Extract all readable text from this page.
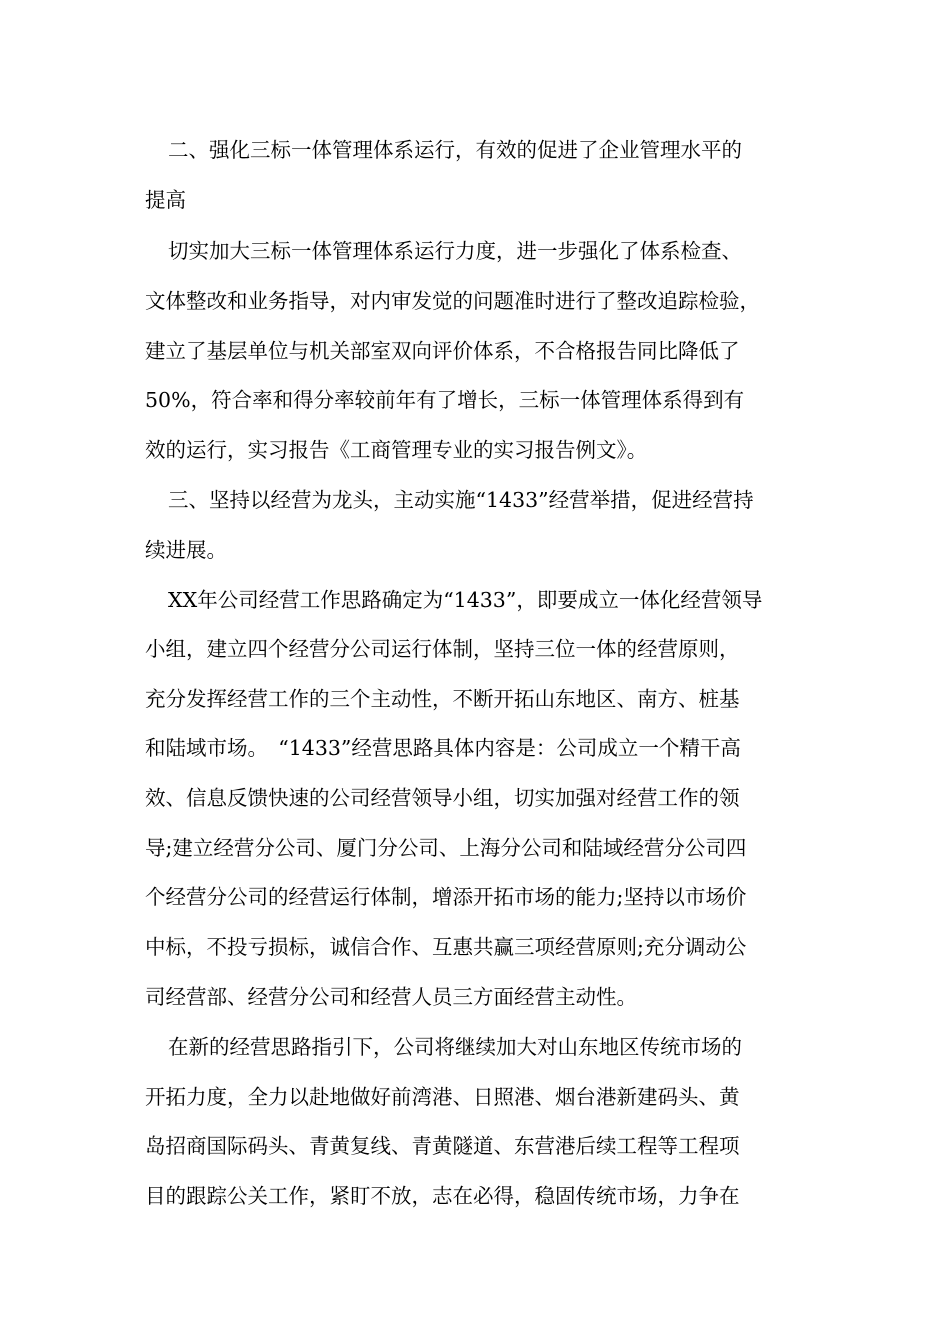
二、强化三标一体管理体系运行，有效的促进了企业管理水平的
提高
切实加大三标一体管理体系运行力度，进一步强化了体系检查、
文体整改和业务指导，对内审发觉的问题准时进行了整改追踪检验，
建立了基层单位与机关部室双向评价体系，不合格报告同比降低了
50%，符合率和得分率较前年有了增长，三标一体管理体系得到有
效的运行，实习报告《工商管理专业的实习报告例文》。
三、坚持以经营为龙头，主动实施“1433”经营举措，促进经营持
续进展。
XX年公司经营工作思路确定为“1433”，即要成立一体化经营领导
小组，建立四个经营分公司运行体制，坚持三位一体的经营原则，
充分发挥经营工作的三个主动性，不断开拓山东地区、南方、桩基
和陆域市场。　“1433”经营思路具体内容是：公司成立一个精干高
效、信息反馈快速的公司经营领导小组，切实加强对经营工作的领
导;建立经营分公司、厦门分公司、上海分公司和陆域经营分公司四
个经营分公司的经营运行体制，增添开拓市场的能力;坚持以市场价
中标，不投亏损标，诚信合作、互惠共赢三项经营原则;充分调动公
司经营部、经营分公司和经营人员三方面经营主动性。
在新的经营思路指引下，公司将继续加大对山东地区传统市场的
开拓力度，全力以赴地做好前湾港、日照港、烟台港新建码头、黄
岛招商国际码头、青黄复线、青黄隧道、东营港后续工程等工程项
目的跟踪公关工作，紧盯不放，志在必得，稳固传统市场，力争在
